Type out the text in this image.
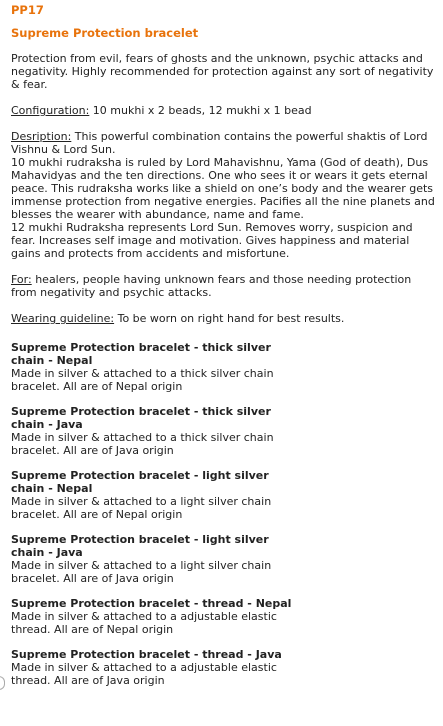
PP17
Supreme Protection bracelet

Protection from evil, fears of ghosts and the unknown, psychic attacks and negativity. Highly recommended for protection against any sort of negativity & fear.

Configuration: 10 mukhi x 2 beads, 12 mukhi x 1 bead

Desription: This powerful combination contains the powerful shaktis of Lord Vishnu & Lord Sun.
10 mukhi rudraksha is ruled by Lord Mahavishnu, Yama (God of death), Dus Mahavidyas and the ten directions. One who sees it or wears it gets eternal peace. This rudraksha works like a shield on one’s body and the wearer gets immense protection from negative energies. Pacifies all the nine planets and blesses the wearer with abundance, name and fame.
12 mukhi Rudraksha represents Lord Sun. Removes worry, suspicion and fear. Increases self image and motivation. Gives happiness and material gains and protects from accidents and misfortune.

For: healers, people having unknown fears and those needing protection from negativity and psychic attacks.

Wearing guideline: To be worn on right hand for best results.

Supreme Protection bracelet - thick silver chain - Nepal
Made in silver & attached to a thick silver chain bracelet. All are of Nepal origin
Supreme Protection bracelet - thick silver chain - Java
Made in silver & attached to a thick silver chain bracelet. All are of Java origin
Supreme Protection bracelet - light silver chain - Nepal
Made in silver & attached to a light silver chain bracelet. All are of Nepal origin
Supreme Protection bracelet - light silver chain - Java
Made in silver & attached to a light silver chain bracelet. All are of Java origin
Supreme Protection bracelet - thread - Nepal
Made in silver & attached to a adjustable elastic thread. All are of Nepal origin
Supreme Protection bracelet - thread - Java
Made in silver & attached to a adjustable elastic thread. All are of Java origin
